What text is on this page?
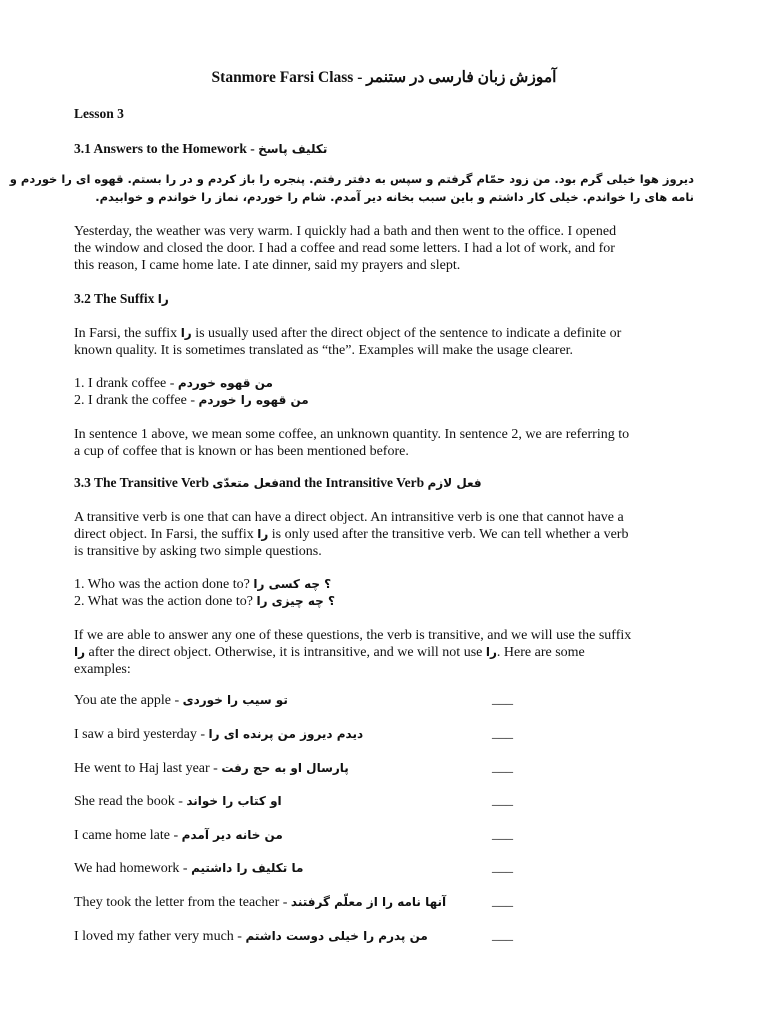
Stanmore Farsi Class - آموزش زبان فارسی در ستنمر
Lesson 3
3.1 Answers to the Homework - تكليف پاسخ
ديروز هوا خيلی گرم بود. من زود حمّام گرفتم و سپس به دفتر رفتم. پنجره را باز كردم و در را بستم. قهوه ای را خوردم و
نامه های را خواندم. خيلی كار داشتم و باين سبب بخانه دير آمدم. شام را خوردم، نماز را خواندم و خوابيدم.
Yesterday, the weather was very warm. I quickly had a bath and then went to the office. I opened
the window and closed the door. I had a coffee and read some letters. I had a lot of work, and for
this reason, I came home late. I ate dinner, said my prayers and slept.
3.2 The Suffix را
In Farsi, the suffix را is usually used after the direct object of the sentence to indicate a definite or
known quality. It is sometimes translated as “the”. Examples will make the usage clearer.
1. I drank coffee - من قهوه خوردم
2. I drank the coffee - من قهوه را خوردم
In sentence 1 above, we mean some coffee, an unknown quantity. In sentence 2, we are referring to
a cup of coffee that is known or has been mentioned before.
3.3 The Transitive Verb فعل متعدّیand the Intransitive Verb فعل لازم
A transitive verb is one that can have a direct object. An intransitive verb is one that cannot have a
direct object. In Farsi, the suffix را is only used after the transitive verb. We can tell whether a verb
is transitive by asking two simple questions.
1. Who was the action done to? ؟ چه كسی را
2. What was the action done to? ؟ چه چيزی را
If we are able to answer any one of these questions, the verb is transitive, and we will use the suffix
را after the direct object. Otherwise, it is intransitive, and we will not use را. Here are some
examples:
You ate the apple - تو سيب را خوردی	___
I saw a bird yesterday - ديدم ديروز من پرنده ای را	___
He went to Haj last year - پارسال او به حج رفت	___
She read the book - او كتاب را خواند	___
I came home late - من خانه دير آمدم	___
We had homework - ما تكليف را داشتيم	___
They took the letter from the teacher - آنها نامه را از معلّم گرفتند	___
I loved my father very much - من پدرم را خيلی دوست داشتم	___
